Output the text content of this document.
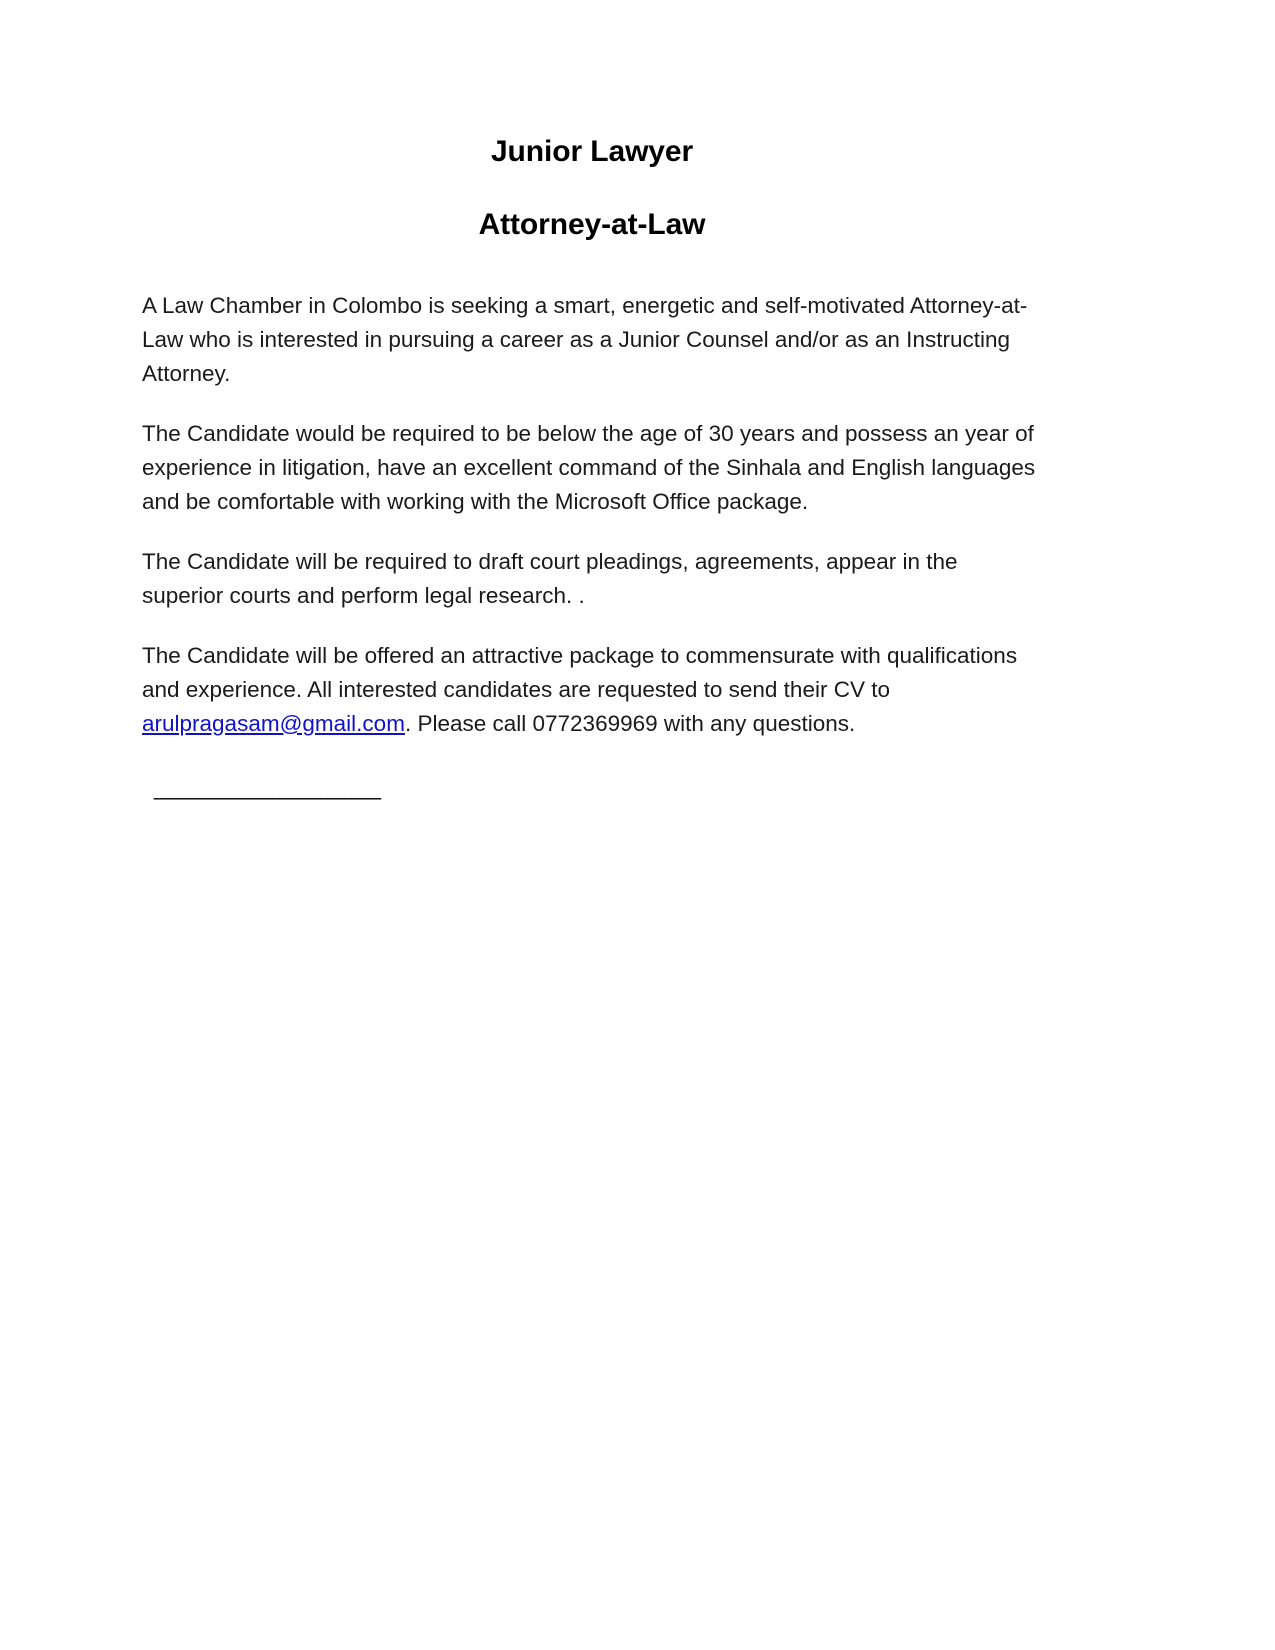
Junior Lawyer
Attorney-at-Law

A Law Chamber in Colombo is seeking a smart, energetic and self-motivated Attorney-at-Law who is interested in pursuing a career as a Junior Counsel and/or as an Instructing Attorney.

The Candidate would be required to be below the age of 30 years and possess an year of experience in litigation, have an excellent command of the Sinhala and English languages and be comfortable with working with the Microsoft Office package.

The Candidate will be required to draft court pleadings, agreements, appear in the superior courts and perform legal research. .

The Candidate will be offered an attractive package to commensurate with qualifications and experience. All interested candidates are requested to send their CV to arulpragasam@gmail.com. Please call 0772369969 with any questions.

___________________
